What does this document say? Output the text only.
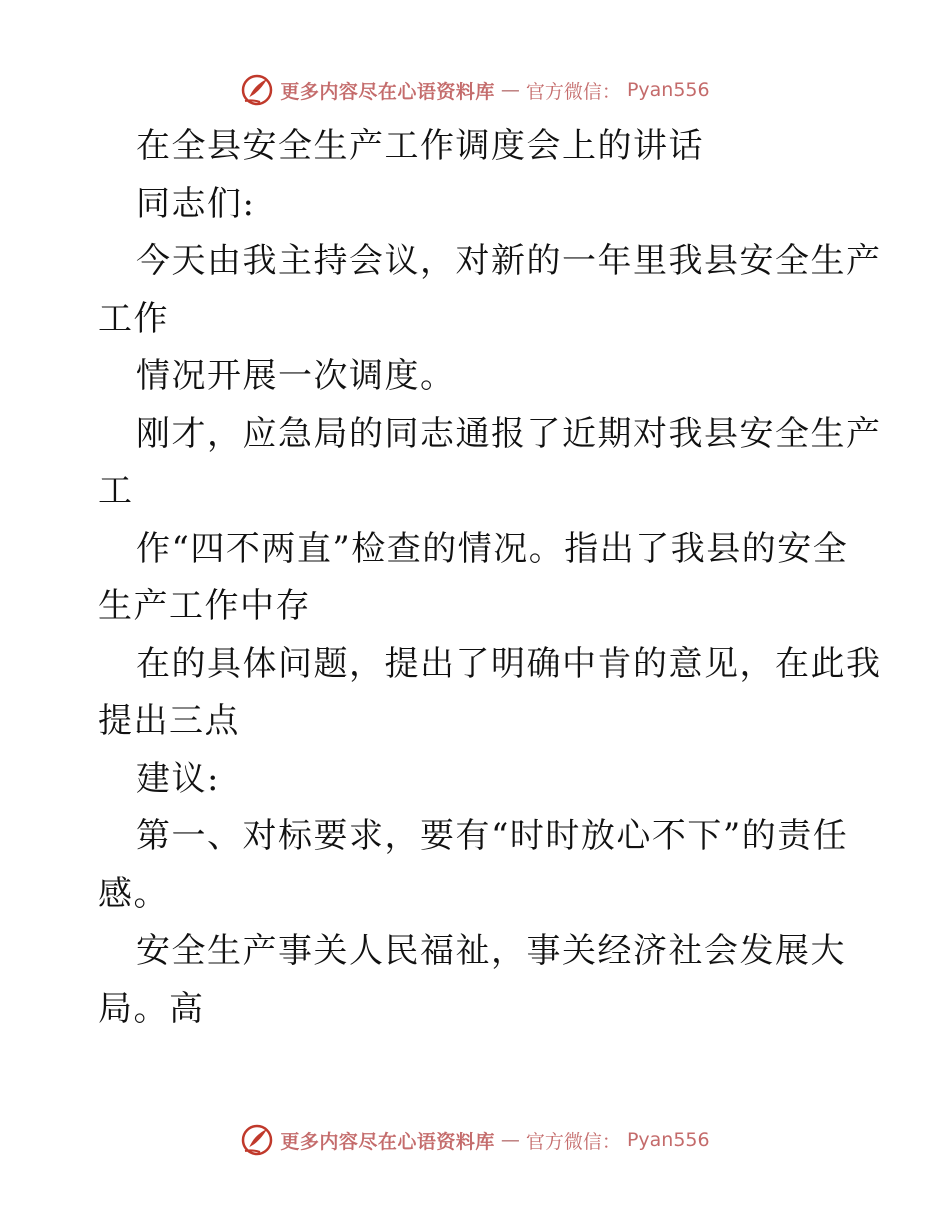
更多内容尽在心语资料库 — 官方微信： Pyan556
在全县安全生产工作调度会上的讲话
同志们:
今天由我主持会议，对新的一年里我县安全生产
工作
情况开展一次调度。
刚才，应急局的同志通报了近期对我县安全生产
工
作“四不两直”检查的情况。指出了我县的安全
生产工作中存
在的具体问题，提出了明确中肯的意见，在此我
提出三点
建议:
第一、对标要求，要有“时时放心不下”的责任
感。
安全生产事关人民福祉，事关经济社会发展大
局。高
更多内容尽在心语资料库 — 官方微信： Pyan556
